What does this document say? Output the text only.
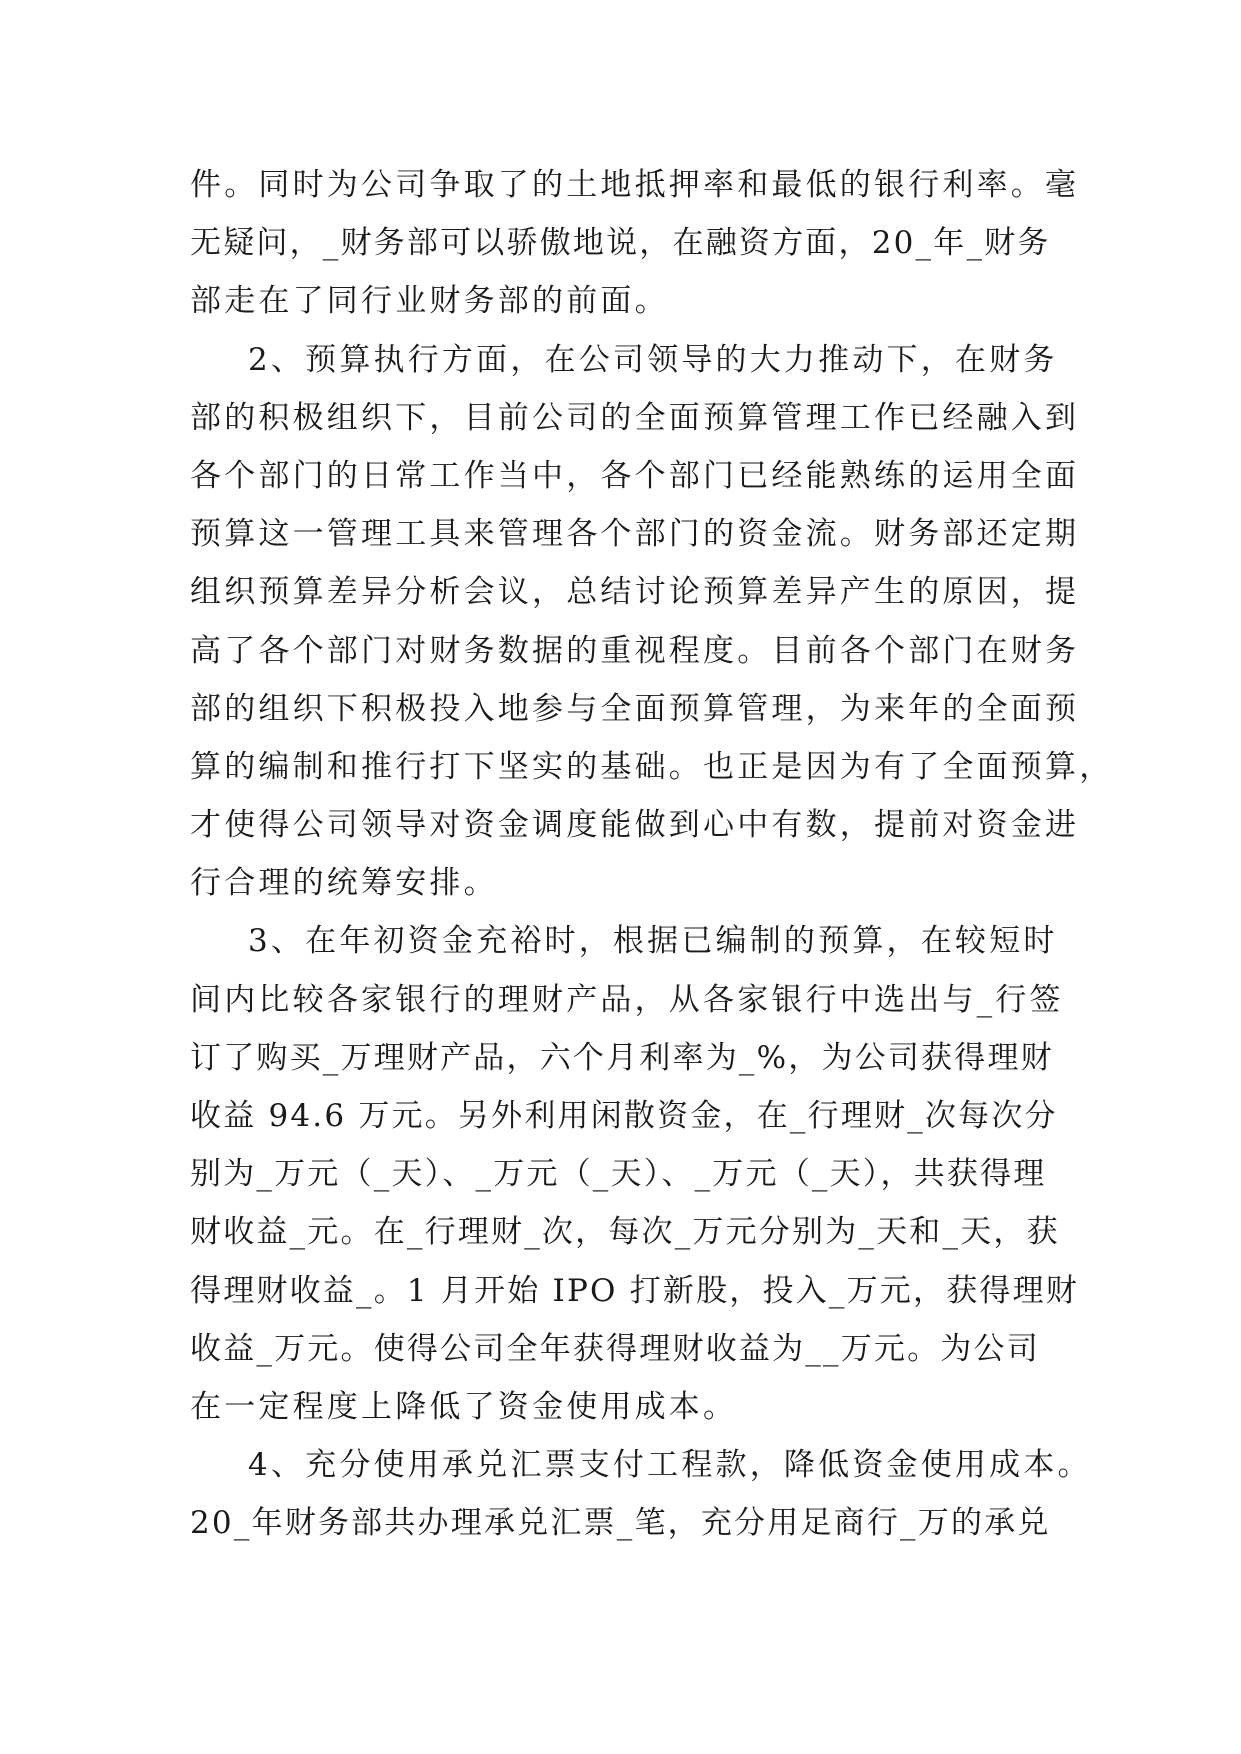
件。同时为公司争取了的土地抵押率和最低的银行利率。毫
无疑问，_财务部可以骄傲地说，在融资方面，20_年_财务
部走在了同行业财务部的前面。
2、预算执行方面，在公司领导的大力推动下，在财务
部的积极组织下，目前公司的全面预算管理工作已经融入到
各个部门的日常工作当中，各个部门已经能熟练的运用全面
预算这一管理工具来管理各个部门的资金流。财务部还定期
组织预算差异分析会议，总结讨论预算差异产生的原因，提
高了各个部门对财务数据的重视程度。目前各个部门在财务
部的组织下积极投入地参与全面预算管理，为来年的全面预
算的编制和推行打下坚实的基础。也正是因为有了全面预算，
才使得公司领导对资金调度能做到心中有数，提前对资金进
行合理的统筹安排。
3、在年初资金充裕时，根据已编制的预算，在较短时
间内比较各家银行的理财产品，从各家银行中选出与_行签
订了购买_万理财产品，六个月利率为_%，为公司获得理财
收益 94.6 万元。另外利用闲散资金，在_行理财_次每次分
别为_万元（_天）、_万元（_天）、_万元（_天），共获得理
财收益_元。在_行理财_次，每次_万元分别为_天和_天，获
得理财收益_。1 月开始 IPO 打新股，投入_万元，获得理财
收益_万元。使得公司全年获得理财收益为__万元。为公司
在一定程度上降低了资金使用成本。
4、充分使用承兑汇票支付工程款，降低资金使用成本。
20_年财务部共办理承兑汇票_笔，充分用足商行_万的承兑
